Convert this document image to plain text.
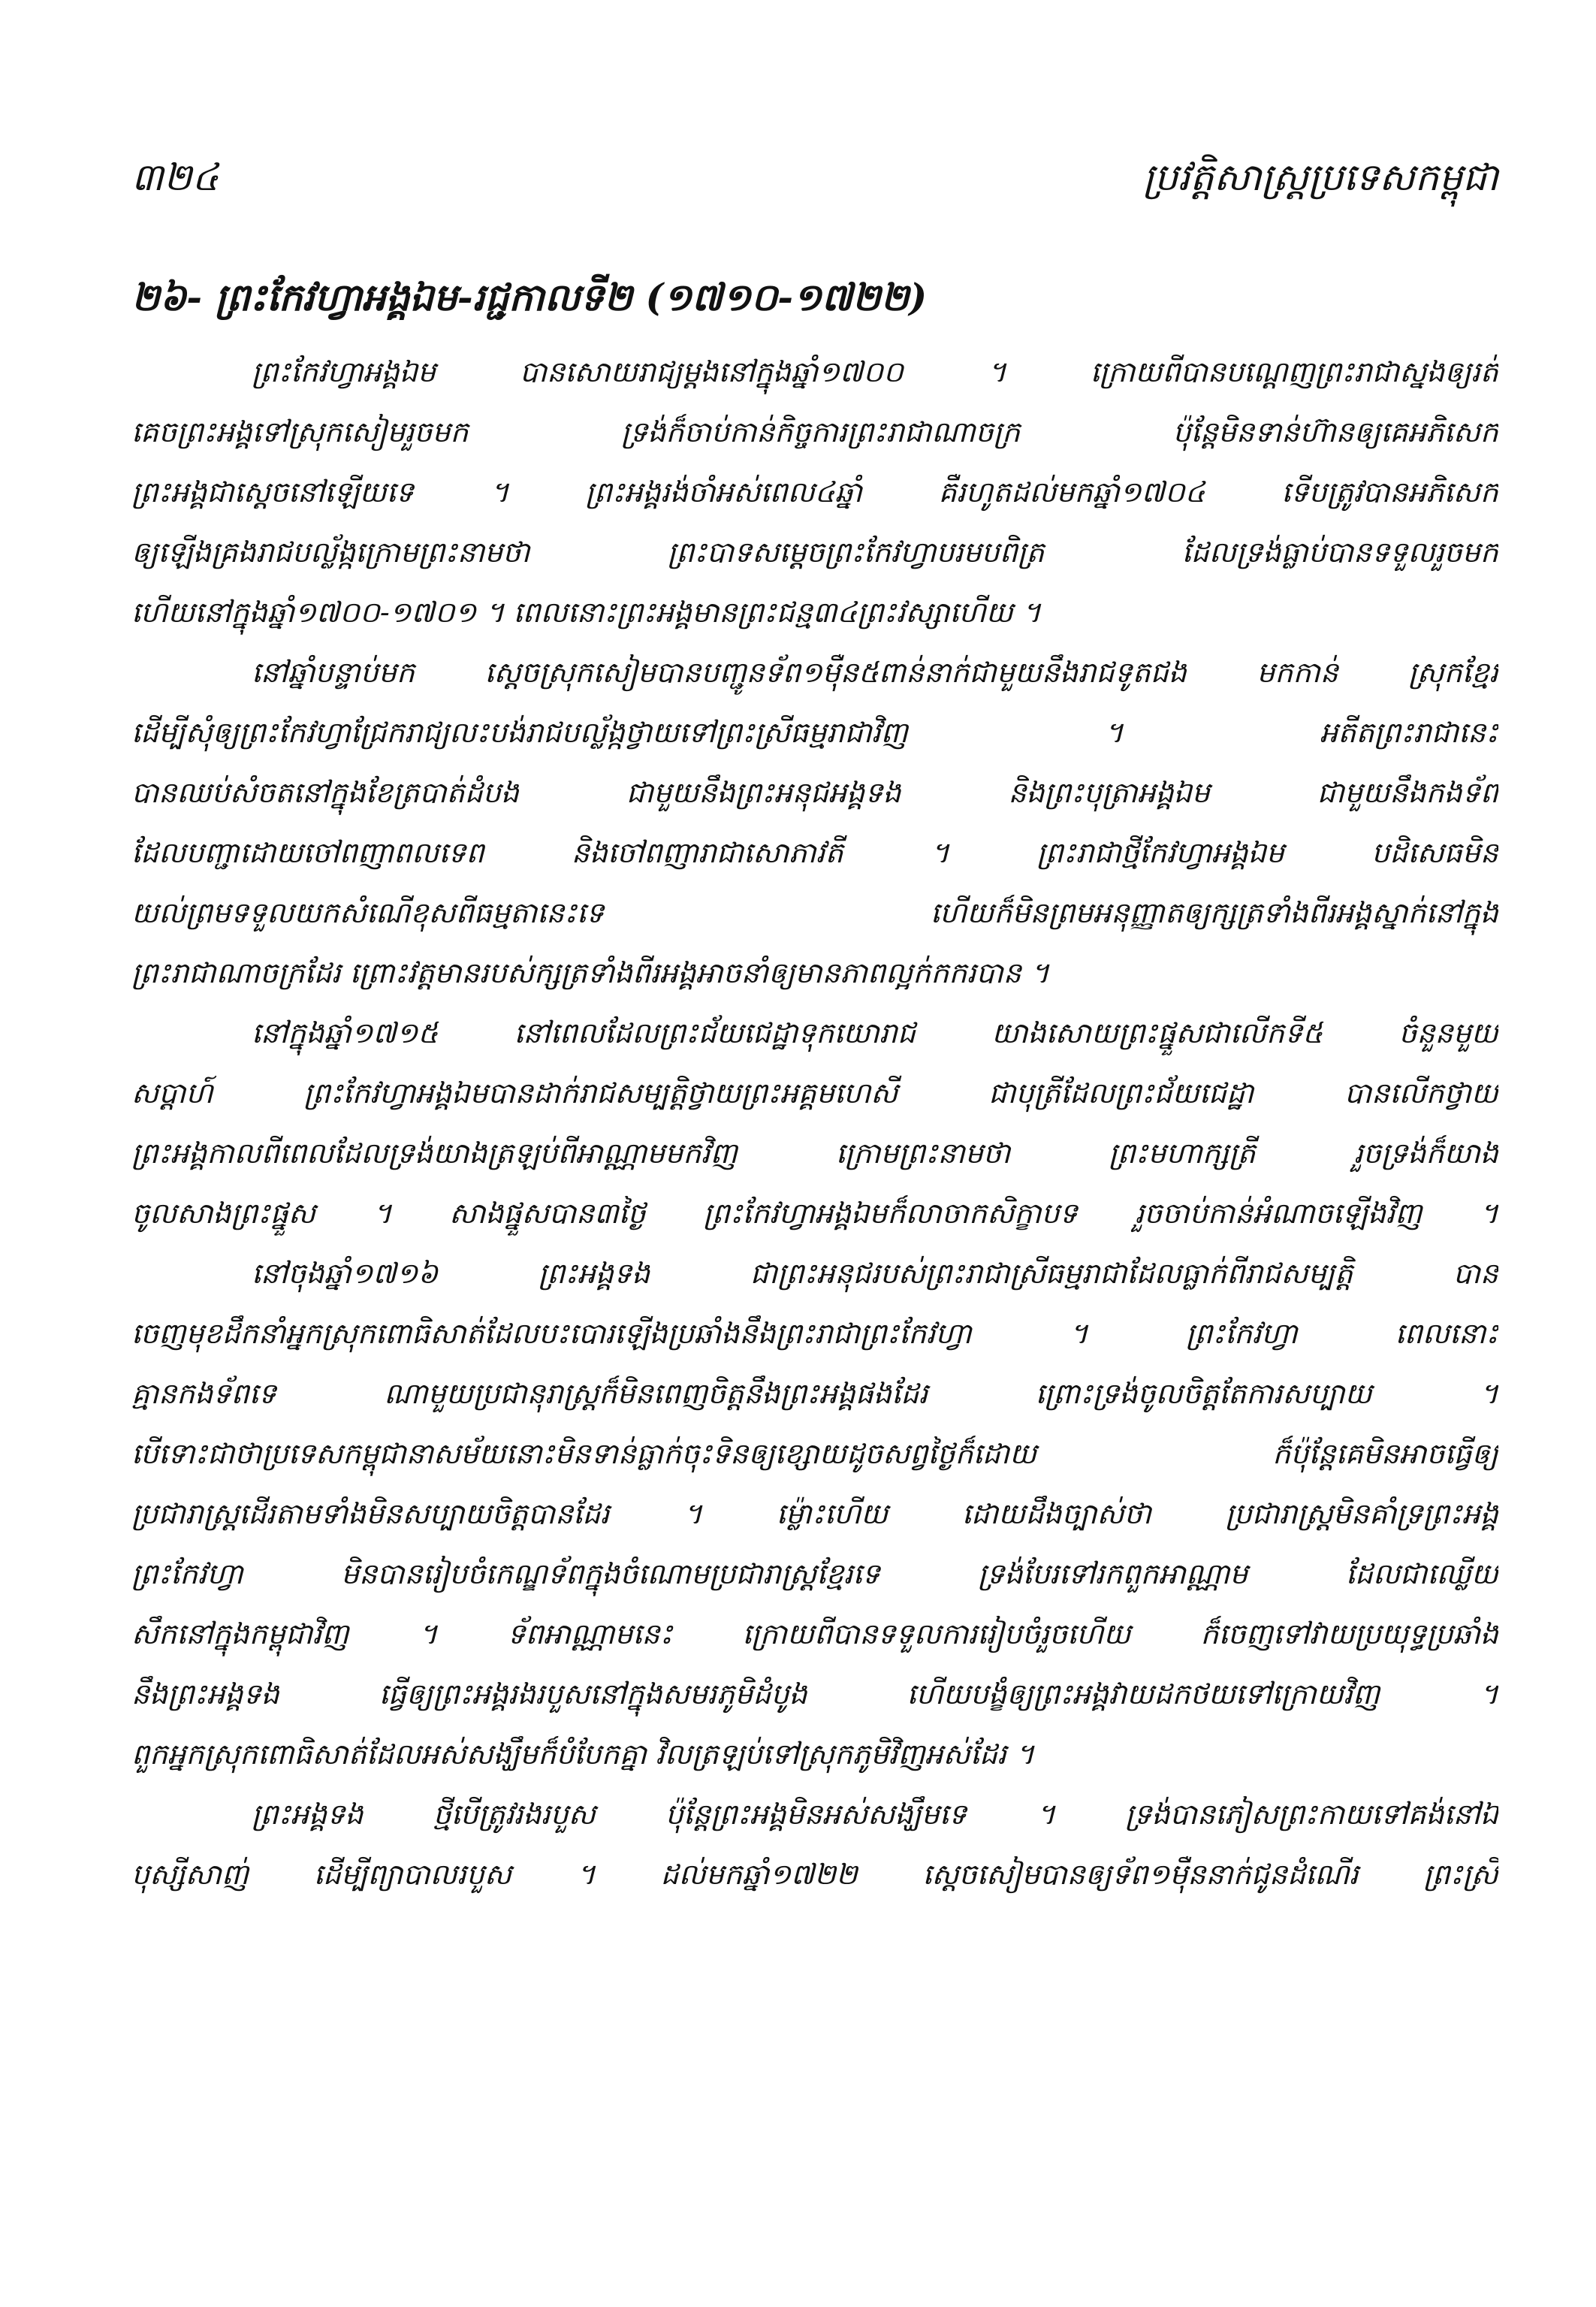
៣២៤	ប្រវត្តិសាស្ត្រប្រទេសកម្ពុជា
២៦- ព្រះកែវហ្វាអង្គឯម-រជ្ជកាលទី២ (១៧១០-១៧២២)
ព្រះកែវហ្វាអង្គឯម បានសោយរាជ្យម្ដងនៅក្នុងឆ្នាំ១៧០០ ។ ក្រោយពីបានបណ្ដេញព្រះរាជាស្នងឲ្យរត់
គេចព្រះអង្គទៅស្រុកសៀមរួចមក ទ្រង់ក៏ចាប់កាន់កិច្ចការព្រះរាជាណាចក្រ ប៉ុន្តែមិនទាន់ហ៊ានឲ្យគេអភិសេក
ព្រះអង្គជាស្ដេចនៅឡើយទេ ។ ព្រះអង្គរង់ចាំអស់ពេល៤ឆ្នាំ គឺរហូតដល់មកឆ្នាំ១៧០៤ ទើបត្រូវបានអភិសេក
ឲ្យឡើងគ្រងរាជបល្ល័ង្កក្រោមព្រះនាមថា ព្រះបាទសម្ដេចព្រះកែវហ្វាបរមបពិត្រ ដែលទ្រង់ធ្លាប់បានទទួលរួចមក
ហើយនៅក្នុងឆ្នាំ១៧០០-១៧០១ ។ ពេលនោះព្រះអង្គមានព្រះជន្ម៣៤ព្រះវស្សាហើយ ។
នៅឆ្នាំបន្ទាប់មក ស្ដេចស្រុកសៀមបានបញ្ជូនទ័ព១ម៉ឺន៥ពាន់នាក់ជាមួយនឹងរាជទូតជង មកកាន់ ស្រុកខ្មែរ
ដើម្បីសុំឲ្យព្រះកែវហ្វាជ្រែករាជ្យលះបង់រាជបល្ល័ង្កថ្វាយទៅព្រះស្រីធម្មរាជាវិញ ។ អតីតព្រះរាជានេះ
បានឈប់សំចតនៅក្នុងខែត្របាត់ដំបង ជាមួយនឹងព្រះអនុជអង្គទង និងព្រះបុត្រាអង្គឯម ជាមួយនឹងកងទ័ព
ដែលបញ្ជាដោយចៅពញាពលទេព និងចៅពញារាជាសោភាវតី ។ ព្រះរាជាថ្មីកែវហ្វាអង្គឯម បដិសេធមិន
យល់ព្រមទទួលយកសំណើខុសពីធម្មតានេះទេ ហើយក៏មិនព្រមអនុញ្ញាតឲ្យក្សត្រទាំងពីរអង្គស្នាក់នៅក្នុង
ព្រះរាជាណាចក្រដែរ ព្រោះវត្តមានរបស់ក្សត្រទាំងពីរអង្គអាចនាំឲ្យមានភាពល្អក់កករបាន ។
នៅក្នុងឆ្នាំ១៧១៥ នៅពេលដែលព្រះជ័យជេដ្ឋាទុកយោរាជ យាងសោយព្រះផ្នួសជាលើកទី៥ ចំនួនមួយ
សប្ដាហ៍ ព្រះកែវហ្វាអង្គឯមបានដាក់រាជសម្បត្តិថ្វាយព្រះអគ្គមហេសី ជាបុត្រីដែលព្រះជ័យជេដ្ឋា បានលើកថ្វាយ
ព្រះអង្គកាលពីពេលដែលទ្រង់យាងត្រឡប់ពីអាណ្ណាមមកវិញ ក្រោមព្រះនាមថា ព្រះមហាក្សត្រី រួចទ្រង់ក៏យាង
ចូលសាងព្រះផ្នួស ។ សាងផ្នួសបាន៣ថ្ងៃ ព្រះកែវហ្វាអង្គឯមក៏លាចាកសិក្ខាបទ រួចចាប់កាន់អំណាចឡើងវិញ ។
នៅចុងឆ្នាំ១៧១៦ ព្រះអង្គទង ជាព្រះអនុជរបស់ព្រះរាជាស្រីធម្មរាជាដែលធ្លាក់ពីរាជសម្បត្តិ បាន
ចេញមុខដឹកនាំអ្នកស្រុកពោធិសាត់ដែលបះបោរឡើងប្រឆាំងនឹងព្រះរាជាព្រះកែវហ្វា ។ ព្រះកែវហ្វា ពេលនោះ
គ្មានកងទ័ពទេ ណាមួយប្រជានុរាស្ត្រក៏មិនពេញចិត្តនឹងព្រះអង្គផងដែរ ព្រោះទ្រង់ចូលចិត្តតែការសប្បាយ ។
បើទោះជាថាប្រទេសកម្ពុជានាសម័យនោះមិនទាន់ធ្លាក់ចុះទិនឲ្យខ្សោយដូចសព្វថ្ងៃក៏ដោយ ក៏ប៉ុន្តែគេមិនអាចធ្វើឲ្យ
ប្រជារាស្ត្រដើរតាមទាំងមិនសប្បាយចិត្តបានដែរ ។ ម្ល៉ោះហើយ ដោយដឹងច្បាស់ថា ប្រជារាស្ត្រមិនគាំទ្រព្រះអង្គ
ព្រះកែវហ្វា មិនបានរៀបចំកេណ្ឌទ័ពក្នុងចំណោមប្រជារាស្ត្រខ្មែរទេ ទ្រង់បែរទៅរកពួកអាណ្ណាម ដែលជាឈ្លើយ
សឹកនៅក្នុងកម្ពុជាវិញ ។ ទ័ពអាណ្ណាមនេះ ក្រោយពីបានទទួលការរៀបចំរួចហើយ ក៏ចេញទៅវាយប្រយុទ្ធប្រឆាំង
នឹងព្រះអង្គទង ធ្វើឲ្យព្រះអង្គរងរបួសនៅក្នុងសមរភូមិដំបូង ហើយបង្ខំឲ្យព្រះអង្គវាយដកថយទៅក្រោយវិញ ។
ពួកអ្នកស្រុកពោធិសាត់ដែលអស់សង្ឃឹមក៏បំបែកគ្នា វិលត្រឡប់ទៅស្រុកភូមិវិញអស់ដែរ ។
ព្រះអង្គទង ថ្មីបើត្រូវរងរបួស ប៉ុន្តែព្រះអង្គមិនអស់សង្ឃឹមទេ ។ ទ្រង់បានភៀសព្រះកាយទៅគង់នៅឯ
បុស្សីសាញ់ ដើម្បីព្យាបាលរបួស ។ ដល់មកឆ្នាំ១៧២២ ស្ដេចសៀមបានឲ្យទ័ព១ម៉ឺននាក់ជូនដំណើរ ព្រះស្រី
